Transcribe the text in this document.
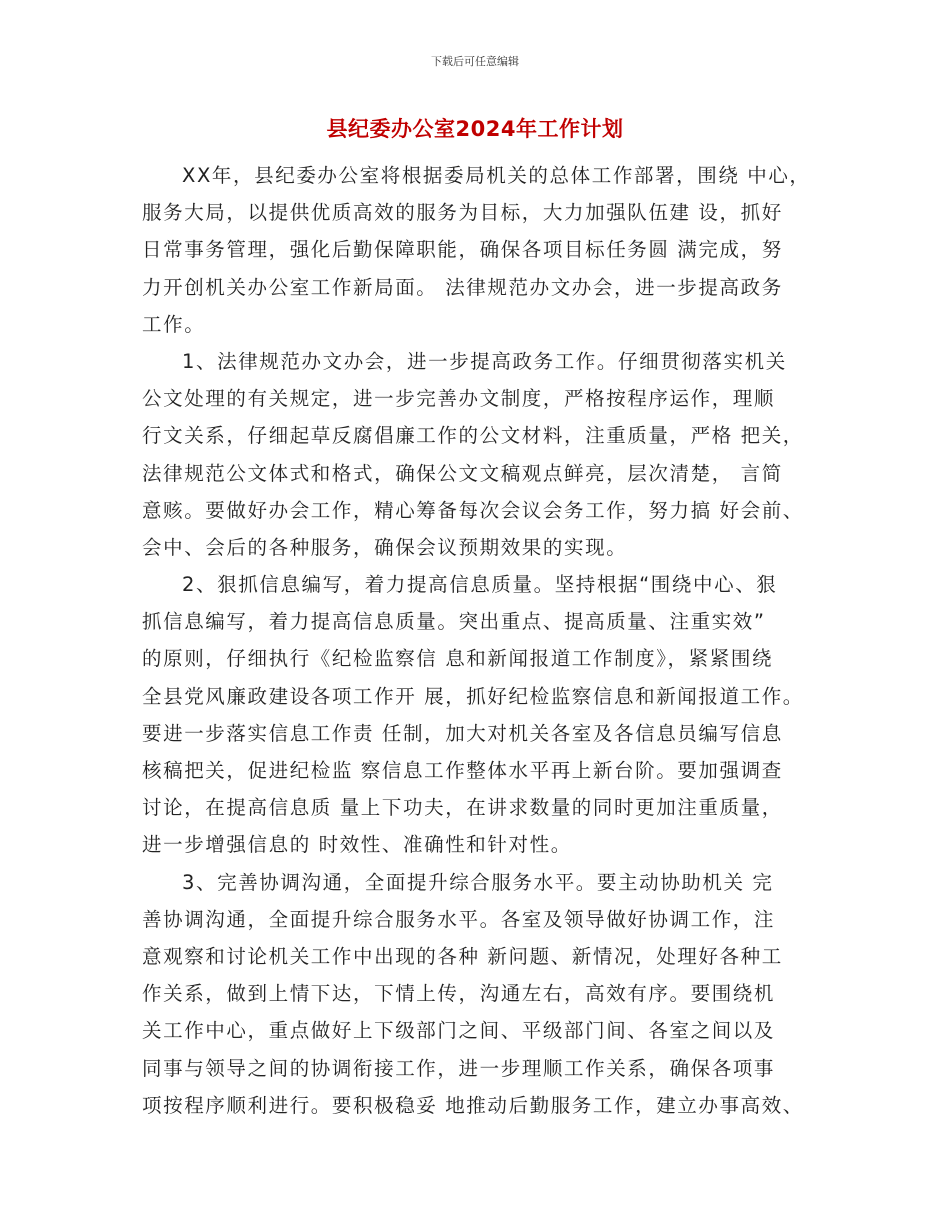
下载后可任意编辑
县纪委办公室2024年工作计划
XX年，县纪委办公室将根据委局机关的总体工作部署，围绕 中心，
服务大局，以提供优质高效的服务为目标，大力加强队伍建 设，抓好
日常事务管理，强化后勤保障职能，确保各项目标任务圆 满完成，努
力开创机关办公室工作新局面。 法律规范办文办会，进一步提高政务
工作。
1、法律规范办文办会，进一步提高政务工作。仔细贯彻落实机关
公文处理的有关规定，进一步完善办文制度，严格按程序运作，理顺
行文关系，仔细起草反腐倡廉工作的公文材料，注重质量，严格 把关，
法律规范公文体式和格式，确保公文文稿观点鲜亮，层次清楚， 言简
意赅。要做好办会工作，精心筹备每次会议会务工作，努力搞 好会前、
会中、会后的各种服务，确保会议预期效果的实现。
2、狠抓信息编写，着力提高信息质量。坚持根据“围绕中心、狠
抓信息编写，着力提高信息质量。突出重点、提高质量、注重实效”
的原则，仔细执行《纪检监察信 息和新闻报道工作制度》，紧紧围绕
全县党风廉政建设各项工作开 展，抓好纪检监察信息和新闻报道工作。
要进一步落实信息工作责 任制，加大对机关各室及各信息员编写信息
核稿把关，促进纪检监 察信息工作整体水平再上新台阶。要加强调查
讨论，在提高信息质 量上下功夫，在讲求数量的同时更加注重质量，
进一步增强信息的 时效性、准确性和针对性。
3、完善协调沟通，全面提升综合服务水平。要主动协助机关 完
善协调沟通，全面提升综合服务水平。各室及领导做好协调工作，注
意观察和讨论机关工作中出现的各种 新问题、新情况，处理好各种工
作关系，做到上情下达，下情上传，沟通左右，高效有序。要围绕机
关工作中心，重点做好上下级部门之间、平级部门间、各室之间以及
同事与领导之间的协调衔接工作，进一步理顺工作关系，确保各项事
项按程序顺利进行。要积极稳妥 地推动后勤服务工作，建立办事高效、
